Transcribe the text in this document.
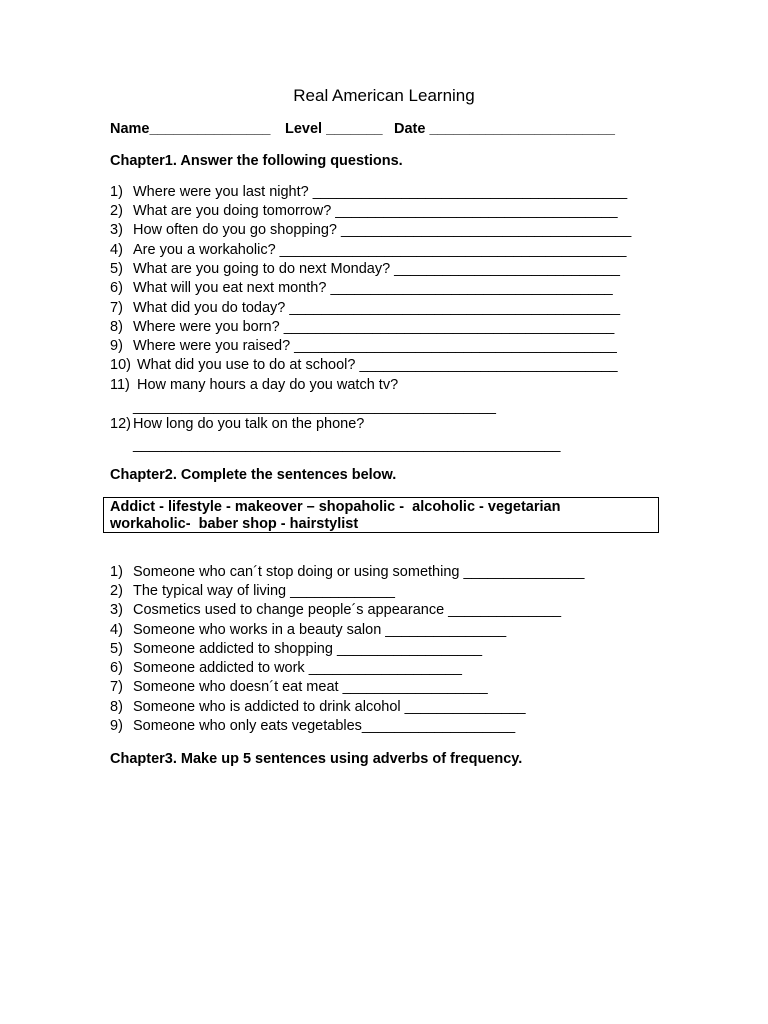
Real American Learning
Name_______________ Level _______ Date _______________________
Chapter1. Answer the following questions.
1) Where were you last night? _______________________________________
2) What are you doing tomorrow? ___________________________________
3) How often do you go shopping? ____________________________________
4) Are you a workaholic? ___________________________________________
5) What are you going to do next Monday? ____________________________
6) What will you eat next month? ___________________________________
7) What did you do today? _________________________________________
8) Where were you born? _________________________________________
9) Where were you raised? ________________________________________
10) What did you use to do at school? ________________________________
11) How many hours a day do you watch tv?
_____________________________________________
12) How long do you talk on the phone?
_____________________________________________________
Chapter2. Complete the sentences below.
Addict - lifestyle - makeover – shopaholic -  alcoholic - vegetarian
workaholic-  baber shop - hairstylist
1) Someone who can´t stop doing or using something _______________
2) The typical way of living _____________
3) Cosmetics used to change people´s appearance ______________
4) Someone who works in a beauty salon _______________
5) Someone addicted to shopping __________________
6) Someone addicted to work ___________________
7) Someone who doesn´t eat meat __________________
8) Someone who is addicted to drink alcohol _______________
9) Someone who only eats vegetables___________________
Chapter3. Make up 5 sentences using adverbs of frequency.
